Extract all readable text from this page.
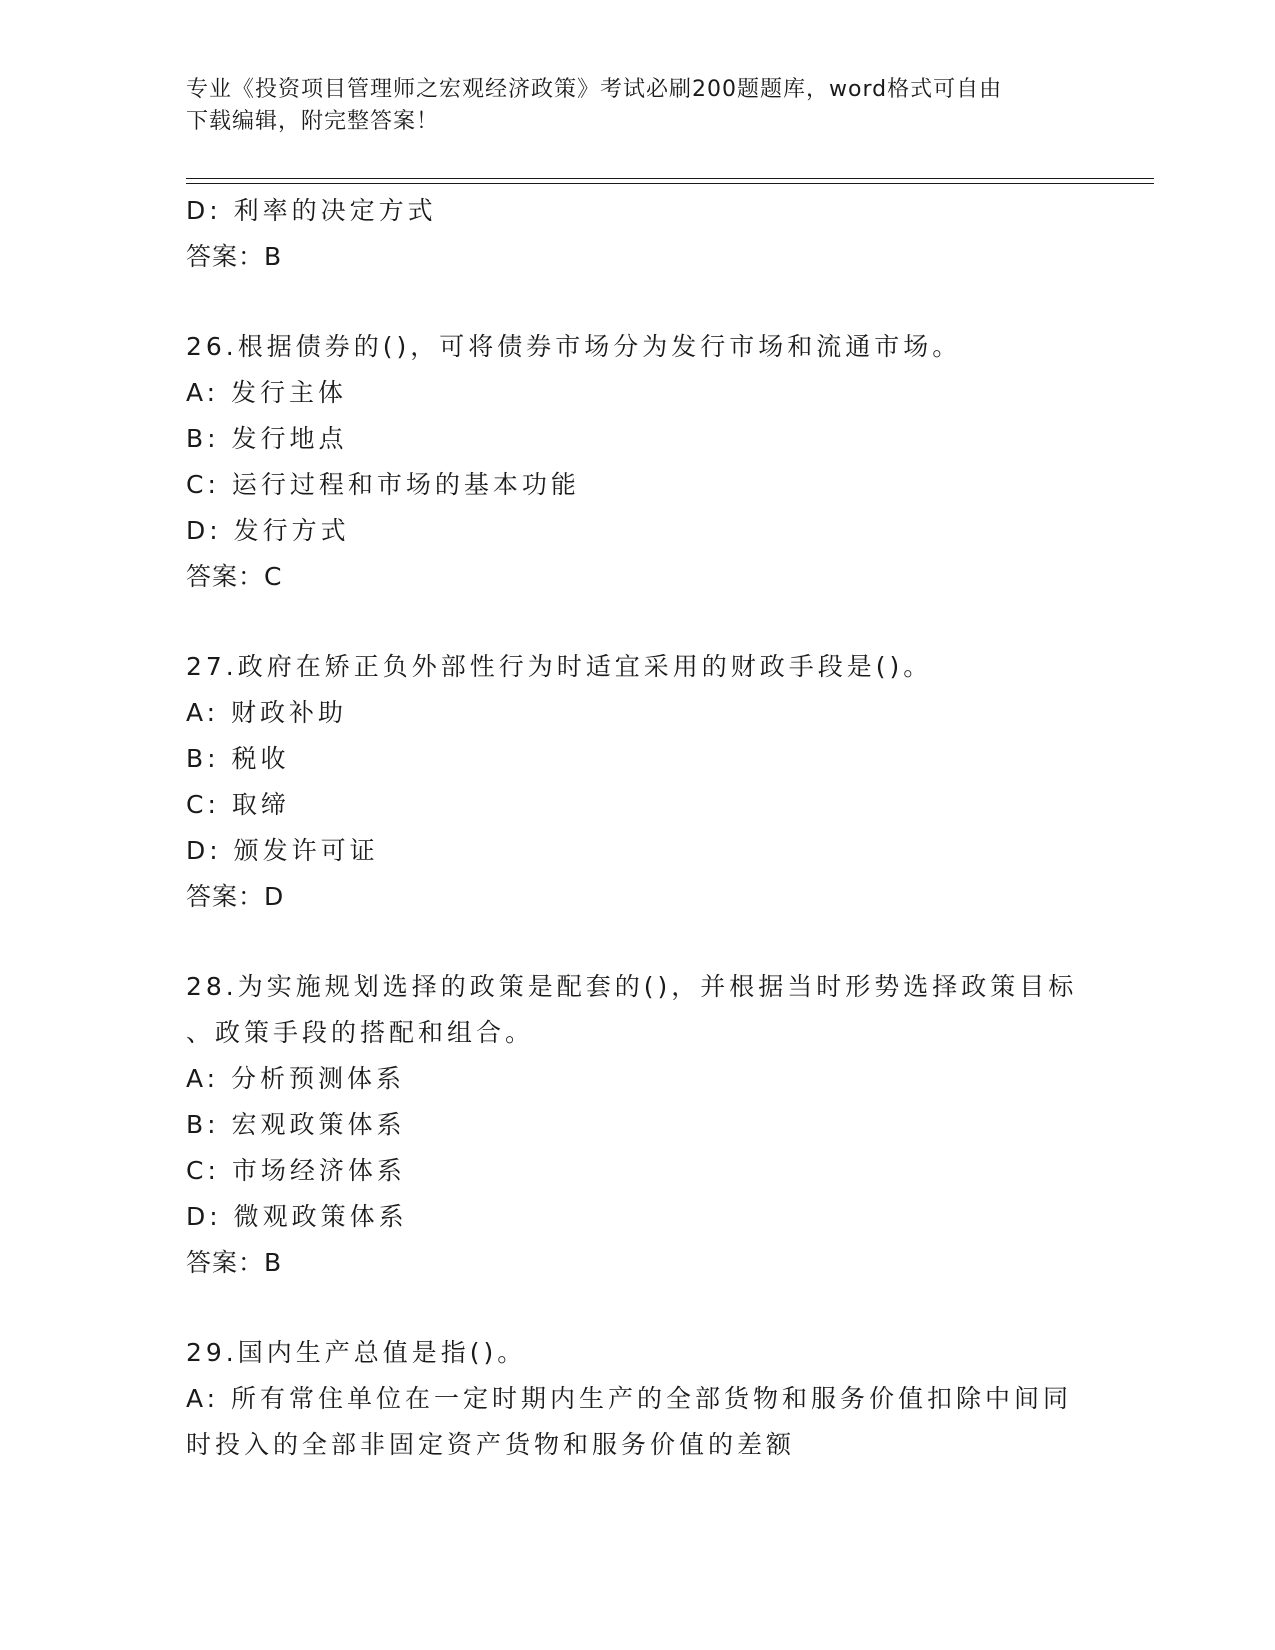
专业《投资项目管理师之宏观经济政策》考试必刷200题题库，word格式可自由
下载编辑，附完整答案！
D: 利率的决定方式
答案：B
26.根据债券的()，可将债券市场分为发行市场和流通市场。
A: 发行主体
B: 发行地点
C: 运行过程和市场的基本功能
D: 发行方式
答案：C
27.政府在矫正负外部性行为时适宜采用的财政手段是()。
A: 财政补助
B: 税收
C: 取缔
D: 颁发许可证
答案：D
28.为实施规划选择的政策是配套的()，并根据当时形势选择政策目标
、政策手段的搭配和组合。
A: 分析预测体系
B: 宏观政策体系
C: 市场经济体系
D: 微观政策体系
答案：B
29.国内生产总值是指()。
A: 所有常住单位在一定时期内生产的全部货物和服务价值扣除中间同
时投入的全部非固定资产货物和服务价值的差额
